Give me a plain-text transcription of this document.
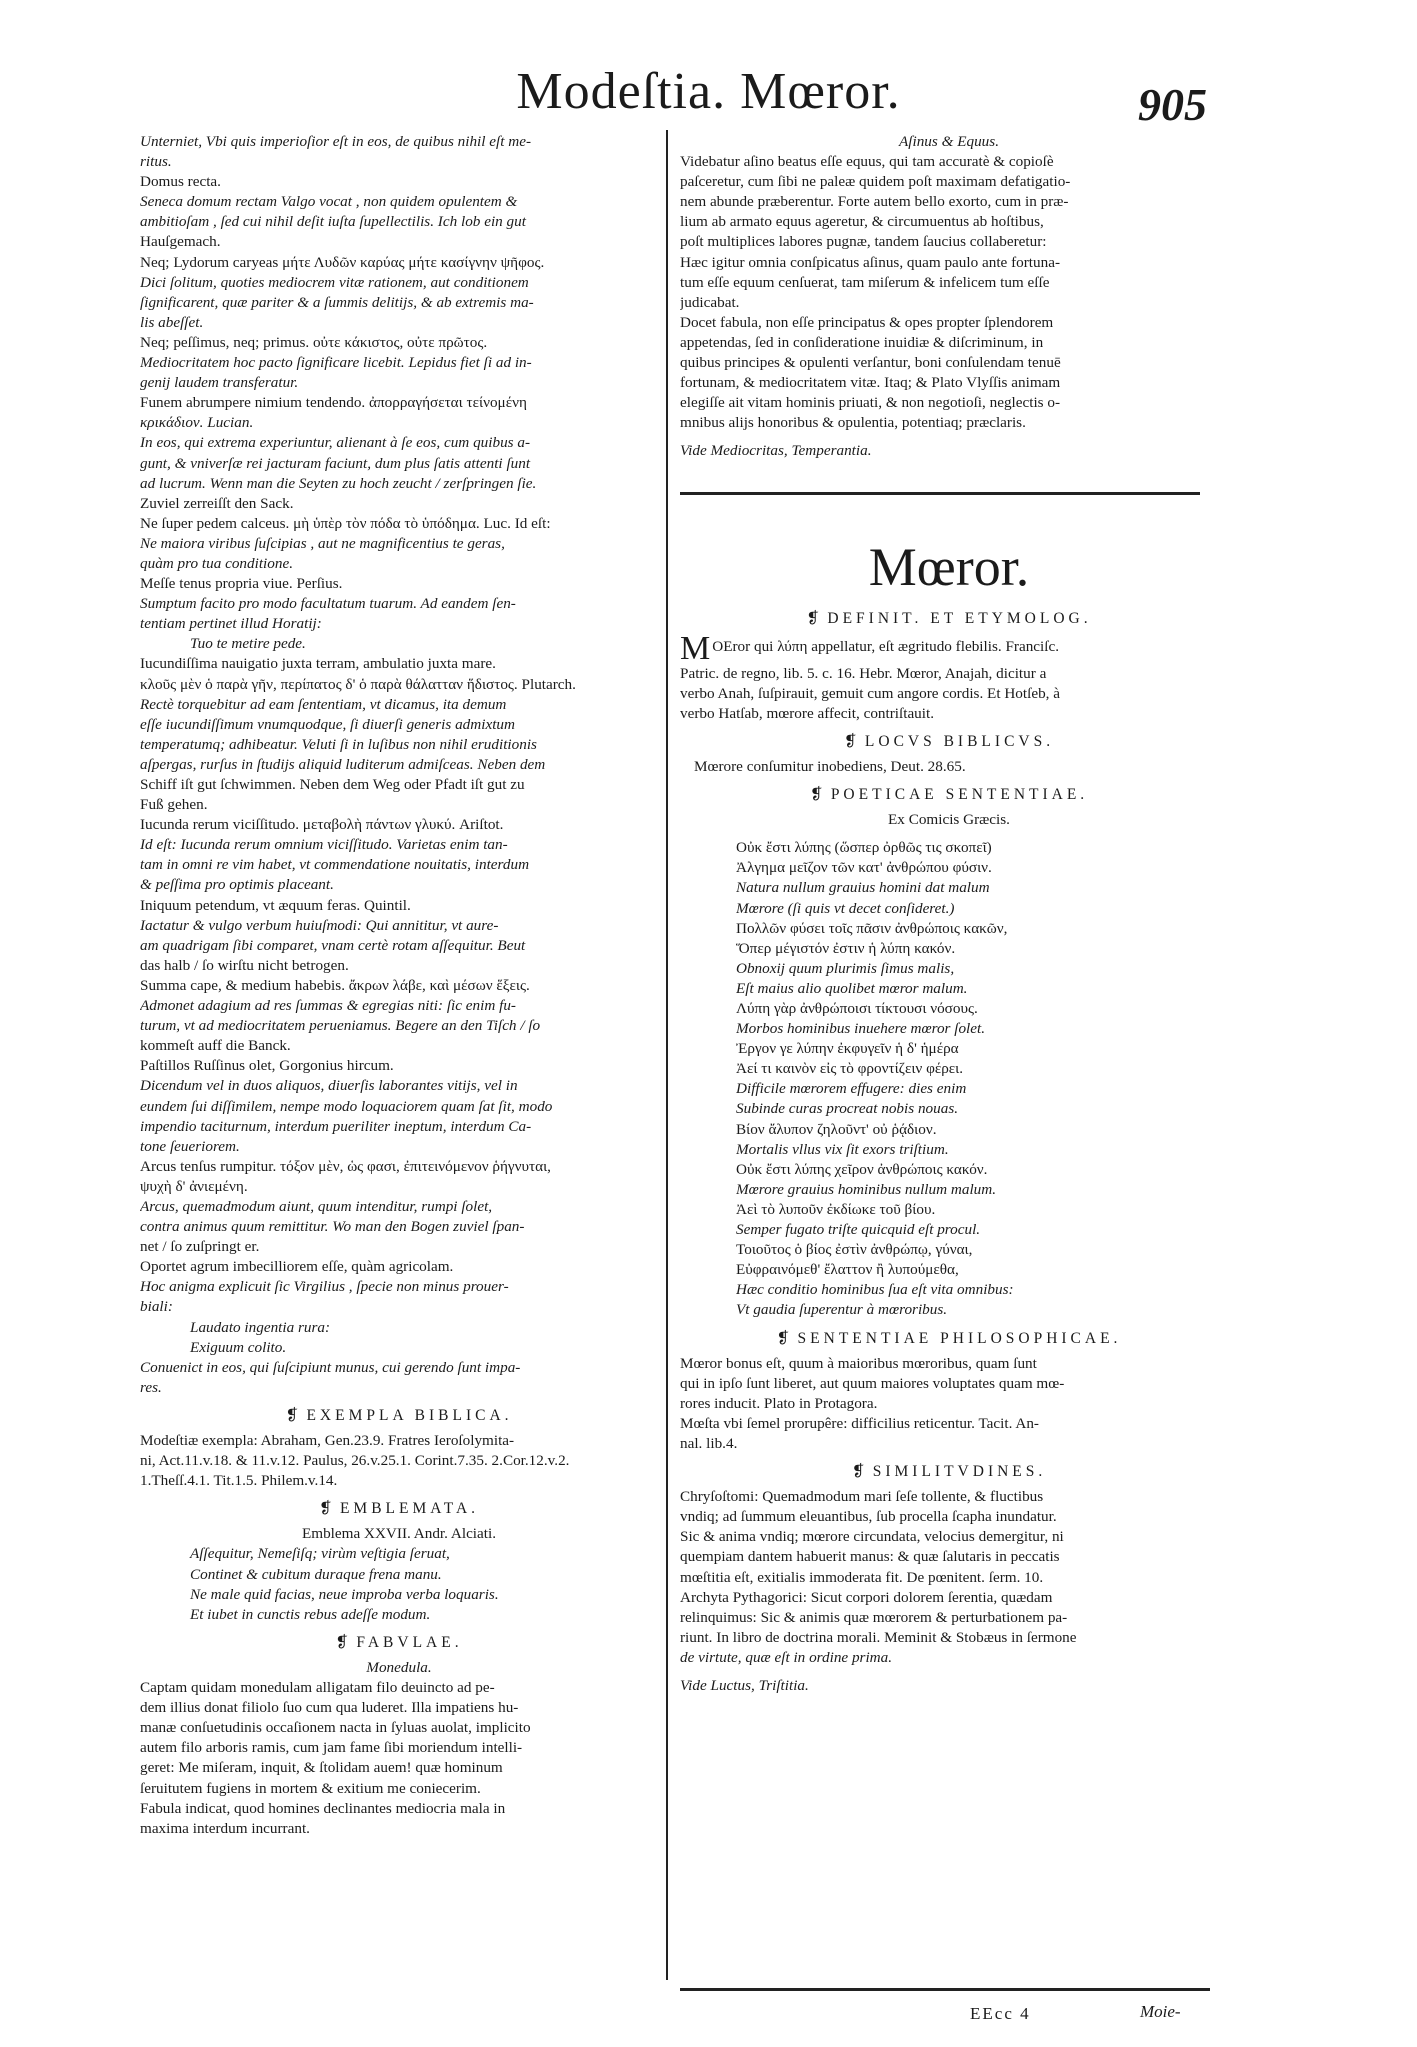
Modeſtia. Mœror.	905
Unterniet, Vbi quis imperioſior eſt in eos, de quibus nihil eſt me-
ritus.
Domus recta.
Seneca domum rectam Valgo vocat , non quidem opulentem &
ambitioſam , ſed cui nihil deſit iuſta ſupellectilis. Ich lob ein gut
Hauſgemach.
Neq; Lydorum caryeas μήτε Λυδῶν καρύας μήτε κασίγνην ψῆφος.
Dici ſolitum, quoties mediocrem vitæ rationem, aut conditionem
ſignificarent, quæ pariter & a ſummis delitijs, & ab extremis ma-
lis abeſſet.
Neq; peſſimus, neq; primus. οὐτε κάκιστος, οὐτε πρῶτος.
Mediocritatem hoc pacto ſignificare licebit. Lepidus fiet ſi ad in-
genij laudem transferatur.
Funem abrumpere nimium tendendo. ἀπορραγήσεται τείνομένη
κρικάδιον. Lucian.
In eos, qui extrema experiuntur, alienant à ſe eos, cum quibus a-
gunt, & vniverſæ rei jacturam faciunt, dum plus ſatis attenti ſunt
ad lucrum. Wenn man die Seyten zu hoch zeucht / zerſpringen ſie.
Zuviel zerreiſſt den Sack.
Ne ſuper pedem calceus. μὴ ὑπὲρ τὸν πόδα τὸ ὑπόδημα. Luc. Id eſt:
Ne maiora viribus ſuſcipias , aut ne magnificentius te geras,
quàm pro tua conditione.
Meſſe tenus propria viue. Perſius.
Sumptum facito pro modo facultatum tuarum. Ad eandem ſen-
tentiam pertinet illud Horatij:
Tuo te metire pede.
Iucundiſſima nauigatio juxta terram, ambulatio juxta mare.
κλοῦς μὲν ὁ παρὰ γῆν, περίπατος δ' ὁ παρὰ θάλατταν ἥδιστος. Plutarch.
Rectè torquebitur ad eam ſententiam, vt dicamus, ita demum
eſſe iucundiſſimum vnumquodque, ſi diuerſi generis admixtum
temperatumq; adhibeatur. Veluti ſi in luſibus non nihil eruditionis
aſpergas, rurſus in ſtudijs aliquid luditerum admiſceas. Neben dem
Schiff iſt gut ſchwimmen. Neben dem Weg oder Pfadt iſt gut zu
Fuß gehen.
Iucunda rerum viciſſitudo. μεταβολὴ πάντων γλυκύ. Ariſtot.
Id eſt: Iucunda rerum omnium viciſſitudo. Varietas enim tan-
tam in omni re vim habet, vt commendatione nouitatis, interdum
& peſſima pro optimis placeant.
Iniquum petendum, vt æquum feras. Quintil.
Iactatur & vulgo verbum huiuſmodi: Qui annititur, vt aure-
am quadrigam ſibi comparet, vnam certè rotam aſſequitur. Beut
das halb / ſo wirſtu nicht betrogen.
Summa cape, & medium habebis. ἄκρων λάβε, καὶ μέσων ἕξεις.
Admonet adagium ad res ſummas & egregias niti: ſic enim fu-
turum, vt ad mediocritatem perueniamus. Begere an den Tiſch / ſo
kommeſt auff die Banck.
Paſtillos Ruſſinus olet, Gorgonius hircum.
Dicendum vel in duos aliquos, diuerſis laborantes vitijs, vel in
eundem ſui diſſimilem, nempe modo loquaciorem quam ſat ſit, modo
impendio taciturnum, interdum pueriliter ineptum, interdum Ca-
tone ſeueriorem.
Arcus tenſus rumpitur. τόξον μὲν, ὡς φασι, ἐπιτεινόμενον ῥήγνυται,
ψυχὴ δ' ἀνιεμένη.
Arcus, quemadmodum aiunt, quum intenditur, rumpi ſolet,
contra animus quum remittitur. Wo man den Bogen zuviel ſpan-
net / ſo zuſpringt er.
Oportet agrum imbecilliorem eſſe, quàm agricolam.
Hoc anigma explicuit ſic Virgilius , ſpecie non minus prouer-
biali:
Laudato ingentia rura:
Exiguum colito.
Conuenict in eos, qui ſuſcipiunt munus, cui gerendo ſunt impa-
res.
❡ EXEMPLA BIBLICA.
Modeſtiæ exempla: Abraham, Gen.23.9. Fratres Ieroſolymita-
ni, Act.11.v.18. & 11.v.12. Paulus, 26.v.25.1. Corint.7.35. 2.Cor.12.v.2.
1.Theſſ.4.1. Tit.1.5. Philem.v.14.
❡ EMBLEMATA.
Emblema XXVII. Andr. Alciati.
Aſſequitur, Nemeſiſq; virùm veſtigia ſeruat,
Continet & cubitum duraque frena manu.
Ne male quid facias, neue improba verba loquaris.
Et iubet in cunctis rebus adeſſe modum.
❡ FABVLAE.
Monedula.
Captam quidam monedulam alligatam filo deuincto ad pe-
dem illius donat filiolo ſuo cum qua luderet. Illa impatiens hu-
manæ conſuetudinis occaſionem nacta in ſyluas auolat, implicito
autem filo arboris ramis, cum jam fame ſibi moriendum intelli-
geret: Me miſeram, inquit, & ſtolidam auem! quæ hominum
ſeruitutem fugiens in mortem & exitium me coniecerim.
Fabula indicat, quod homines declinantes mediocria mala in
maxima interdum incurrant.
Aſinus & Equus.
Videbatur aſino beatus eſſe equus, qui tam accuratè & copioſè
paſceretur, cum ſibi ne paleæ quidem poſt maximam defatigatio-
nem abunde præberentur. Forte autem bello exorto, cum in præ-
lium ab armato equus ageretur, & circumuentus ab hoſtibus,
poſt multiplices labores pugnæ, tandem ſaucius collaberetur:
Hæc igitur omnia conſpicatus aſinus, quam paulo ante fortuna-
tum eſſe equum cenſuerat, tam miſerum & infelicem tum eſſe
judicabat.
Docet fabula, non eſſe principatus & opes propter ſplendorem
appetendas, ſed in conſideratione inuidiæ & diſcriminum, in
quibus principes & opulenti verſantur, boni conſulendam tenuē
fortunam, & mediocritatem vitæ. Itaq; & Plato Vlyſſis animam
elegiſſe ait vitam hominis priuati, & non negotioſi, neglectis o-
mnibus alijs honoribus & opulentia, potentiaq; præclaris.
Vide Mediocritas, Temperantia.
Mœror.
❡ DEFINIT. ET ETYMOLOG.
M OEror qui λύπη appellatur, eſt ægritudo flebilis. Franciſc.
Patric. de regno, lib. 5. c. 16. Hebr. Mœror, Anajah, dicitur a
verbo Anah, ſuſpirauit, gemuit cum angore cordis. Et Hotſeb, à
verbo Hatſab, mœrore affecit, contriſtauit.
❡ LOCVS BIBLICVS.
Mœrore conſumitur inobediens, Deut. 28.65.
❡ POETICAE SENTENTIAE.
Ex Comicis Græcis.
Οὐκ ἔστι λύπης (ὥσπερ ὀρθῶς τις σκοπεῖ)
Ἀλγημα μεῖζον τῶν κατ' ἀνθρώπου φύσιν.
Natura nullum grauius homini dat malum
Mœrore (ſi quis vt decet conſideret.)
Πολλῶν φύσει τοῖς πᾶσιν ἀνθρώποις κακῶν,
Ὅπερ μέγιστόν ἐστιν ἡ λύπη κακόν.
Obnoxij quum plurimis ſimus malis,
Eſt maius alio quolibet mœror malum.
Λύπη γὰρ ἀνθρώποισι τίκτουσι νόσους.
Morbos hominibus inuehere mœror ſolet.
Ἐργον γε λύπην ἐκφυγεῖν ἡ δ' ἡμέρα
Ἀεί τι καινὸν εἰς τὸ φροντίζειν φέρει.
Difficile mœrorem effugere: dies enim
Subinde curas procreat nobis nouas.
Βίον ἄλυπον ζηλοῦντ' οὐ ῥᾴδιον.
Mortalis vllus vix ſit exors triſtium.
Οὐκ ἔστι λύπης χεῖρον ἀνθρώποις κακόν.
Mœrore grauius hominibus nullum malum.
Ἀεὶ τὸ λυποῦν ἐκδίωκε τοῦ βίου.
Semper fugato triſte quicquid eſt procul.
Τοιοῦτος ὁ βίος ἐστὶν ἀνθρώπῳ, γύναι,
Εὐφραινόμεθ' ἔλαττον ἢ λυπούμεθα,
Hæc conditio hominibus ſua eſt vita omnibus:
Vt gaudia ſuperentur à mœroribus.
❡ SENTENTIAE PHILOSOPHICAE.
Mœror bonus eſt, quum à maioribus mœroribus, quam ſunt
qui in ipſo ſunt liberet, aut quum maiores voluptates quam mœ-
rores inducit. Plato in Protagora.
Mœſta vbi ſemel prorupêre: difficilius reticentur. Tacit. An-
nal. lib.4.
❡ SIMILITVDINES.
Chryſoſtomi: Quemadmodum mari ſeſe tollente, & fluctibus
vndiq; ad ſummum eleuantibus, ſub procella ſcapha inundatur.
Sic & anima vndiq; mœrore circundata, velocius demergitur, ni
quempiam dantem habuerit manus: & quæ ſalutaris in peccatis
mœſtitia eſt, exitialis immoderata fit. De pœnitent. ſerm. 10.
Archyta Pythagorici: Sicut corpori dolorem ſerentia, quædam
relinquimus: Sic & animis quæ mœrorem & perturbationem pa-
riunt. In libro de doctrina morali. Meminit & Stobæus in ſermone
de virtute, quæ eſt in ordine prima.
Vide Luctus, Triſtitia.
EEcc 4	Moie-
